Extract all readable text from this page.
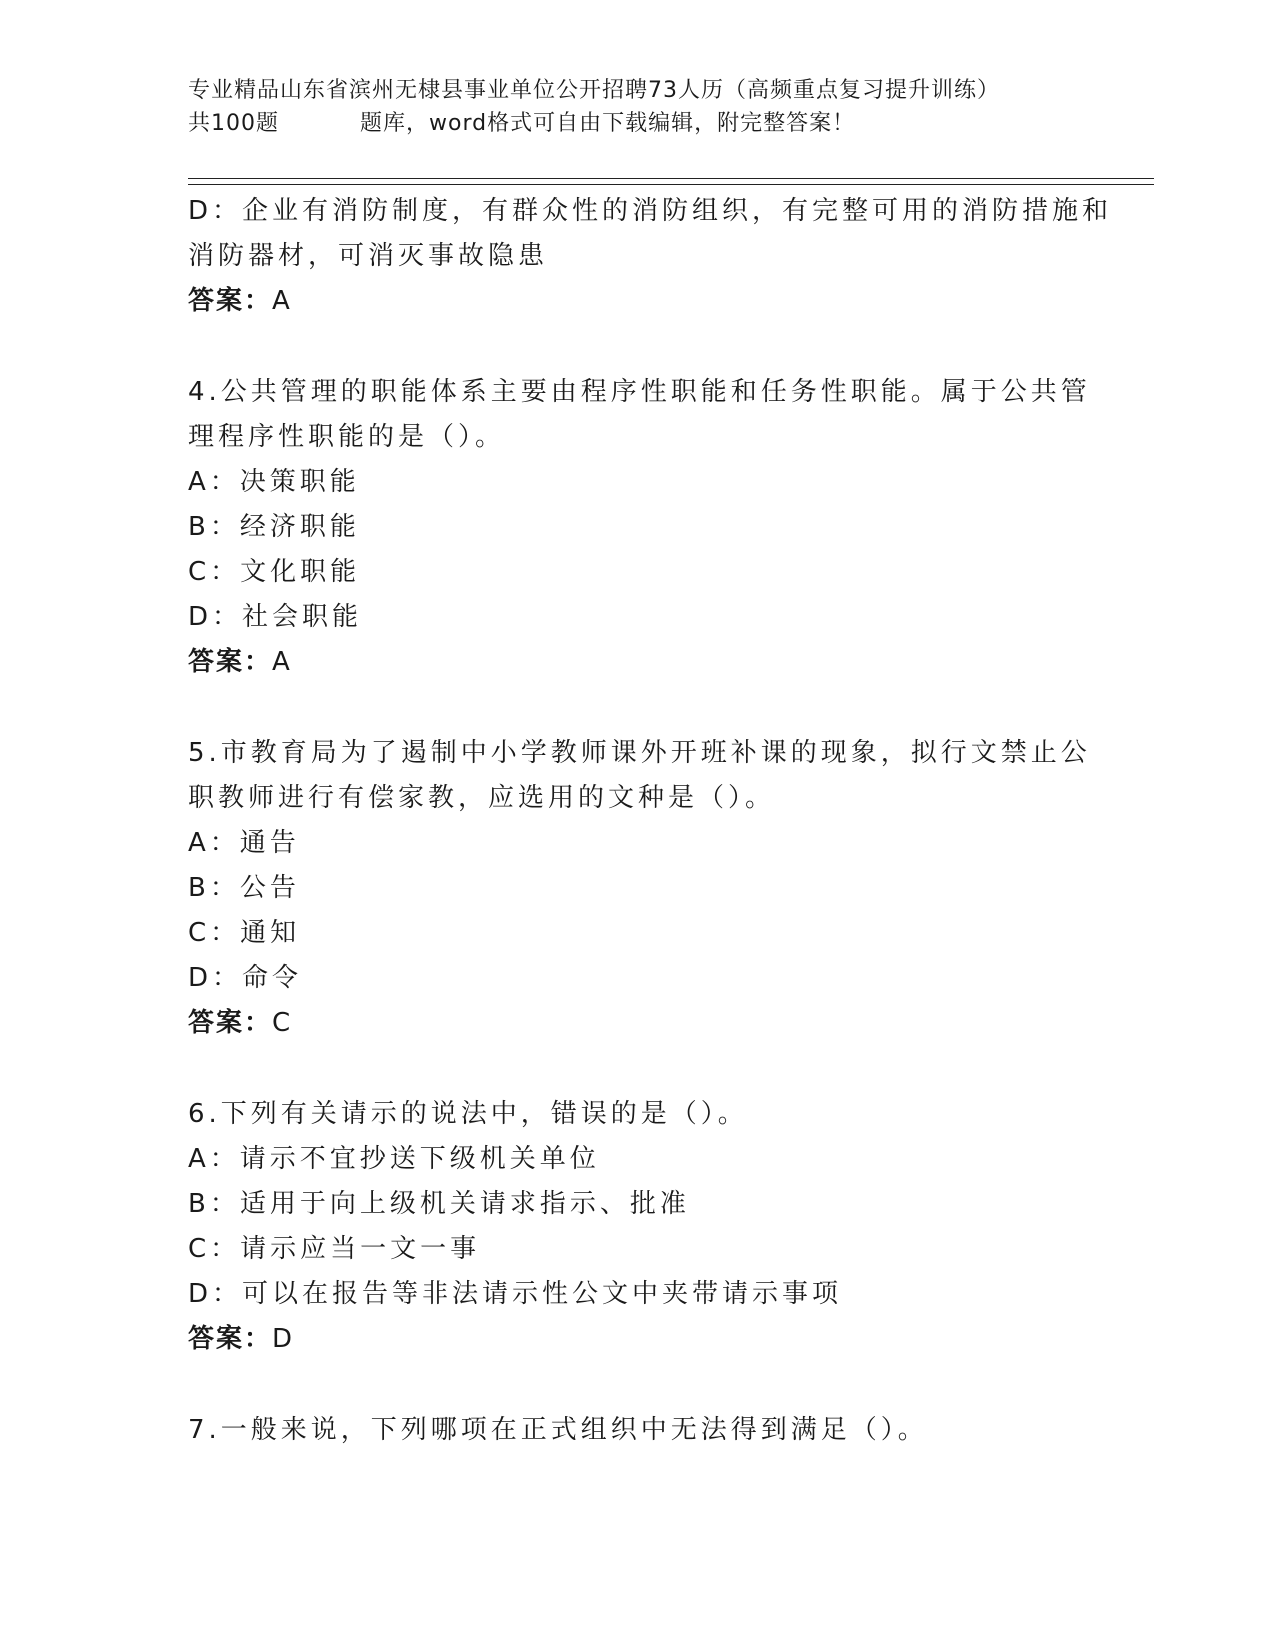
专业精品山东省滨州无棣县事业单位公开招聘73人历（高频重点复习提升训练）
共100题	题库，word格式可自由下载编辑，附完整答案！
D：企业有消防制度，有群众性的消防组织，有完整可用的消防措施和
消防器材，可消灭事故隐患
答案：A
4.公共管理的职能体系主要由程序性职能和任务性职能。属于公共管
理程序性职能的是（）。
A：决策职能
B：经济职能
C：文化职能
D：社会职能
答案：A
5.市教育局为了遏制中小学教师课外开班补课的现象，拟行文禁止公
职教师进行有偿家教，应选用的文种是（）。
A：通告
B：公告
C：通知
D：命令
答案：C
6.下列有关请示的说法中，错误的是（）。
A：请示不宜抄送下级机关单位
B：适用于向上级机关请求指示、批准
C：请示应当一文一事
D：可以在报告等非法请示性公文中夹带请示事项
答案：D
7.一般来说，下列哪项在正式组织中无法得到满足（）。
